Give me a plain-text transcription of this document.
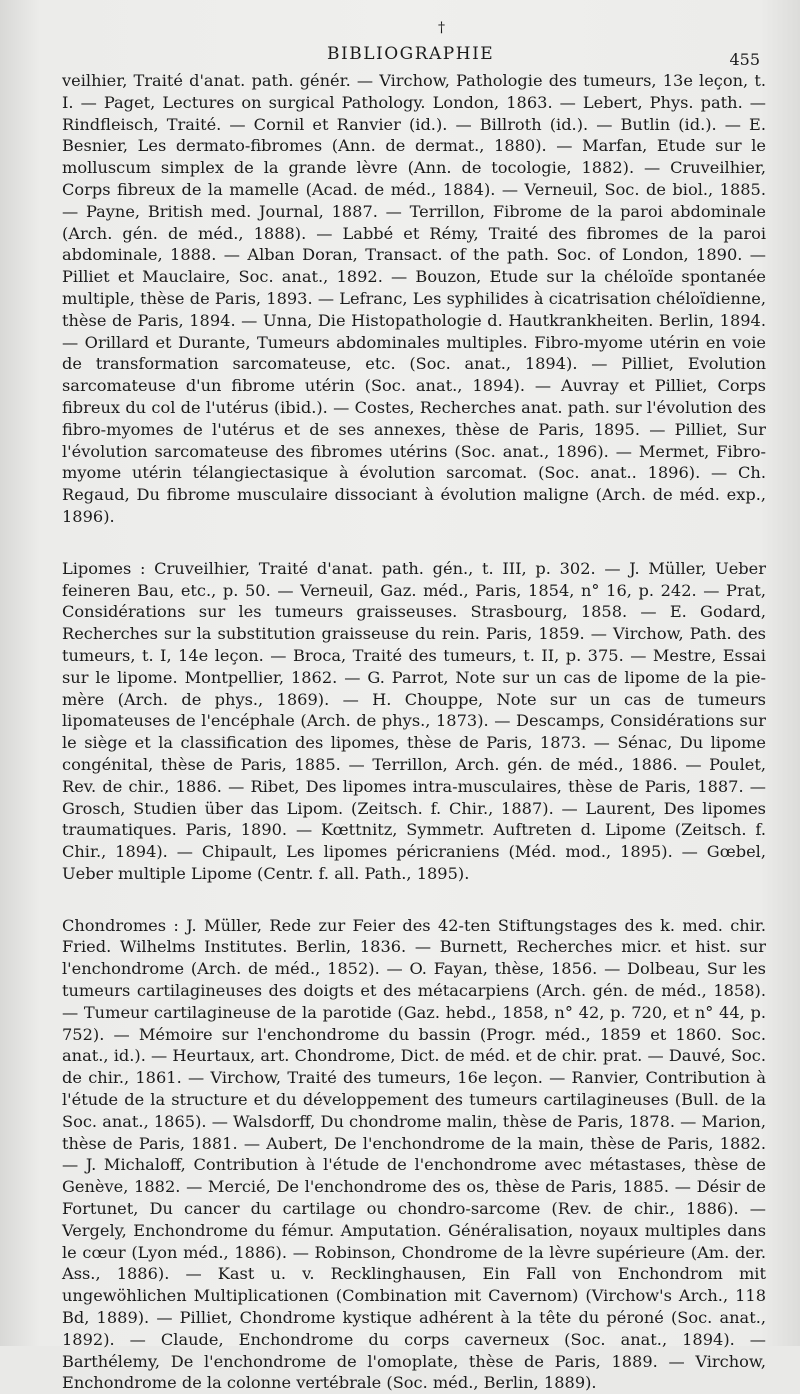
†
BIBLIOGRAPHIE	455

veilhier, Traité d'anat. path. génér. — Virchow, Pathologie des tumeurs, 13e leçon, t. I. — Paget, Lectures on surgical Pathology. London, 1863. — Lebert, Phys. path. — Rindfleisch, Traité. — Cornil et Ranvier (id.). — Billroth (id.). — Butlin (id.). — E. Besnier, Les dermato-fibromes (Ann. de dermat., 1880). — Marfan, Etude sur le molluscum simplex de la grande lèvre (Ann. de tocologie, 1882). — Cruveilhier, Corps fibreux de la mamelle (Acad. de méd., 1884). — Verneuil, Soc. de biol., 1885. — Payne, British med. Journal, 1887. — Terrillon, Fibrome de la paroi abdominale (Arch. gén. de méd., 1888). — Labbé et Rémy, Traité des fibromes de la paroi abdominale, 1888. — Alban Doran, Transact. of the path. Soc. of London, 1890. — Pilliet et Mauclaire, Soc. anat., 1892. — Bouzon, Etude sur la chéloïde spontanée multiple, thèse de Paris, 1893. — Lefranc, Les syphilides à cicatrisation chéloïdienne, thèse de Paris, 1894. — Unna, Die Histopathologie d. Hautkrankheiten. Berlin, 1894. — Orillard et Durante, Tumeurs abdominales multiples. Fibro-myome utérin en voie de transformation sarcomateuse, etc. (Soc. anat., 1894). — Pilliet, Evolution sarcomateuse d'un fibrome utérin (Soc. anat., 1894). — Auvray et Pilliet, Corps fibreux du col de l'utérus (ibid.). — Costes, Recherches anat. path. sur l'évolution des fibro-myomes de l'utérus et de ses annexes, thèse de Paris, 1895. — Pilliet, Sur l'évolution sarcomateuse des fibromes utérins (Soc. anat., 1896). — Mermet, Fibro-myome utérin télangiectasique à évolution sarcomat. (Soc. anat.. 1896). — Ch. Regaud, Du fibrome musculaire dissociant à évolution maligne (Arch. de méd. exp., 1896).

Lipomes : Cruveilhier, Traité d'anat. path. gén., t. III, p. 302. — J. Müller, Ueber feineren Bau, etc., p. 50. — Verneuil, Gaz. méd., Paris, 1854, n° 16, p. 242. — Prat, Considérations sur les tumeurs graisseuses. Strasbourg, 1858. — E. Godard, Recherches sur la substitution graisseuse du rein. Paris, 1859. — Virchow, Path. des tumeurs, t. I, 14e leçon. — Broca, Traité des tumeurs, t. II, p. 375. — Mestre, Essai sur le lipome. Montpellier, 1862. — G. Parrot, Note sur un cas de lipome de la pie-mère (Arch. de phys., 1869). — H. Chouppe, Note sur un cas de tumeurs lipomateuses de l'encéphale (Arch. de phys., 1873). — Descamps, Considérations sur le siège et la classification des lipomes, thèse de Paris, 1873. — Sénac, Du lipome congénital, thèse de Paris, 1885. — Terrillon, Arch. gén. de méd., 1886. — Poulet, Rev. de chir., 1886. — Ribet, Des lipomes intra-musculaires, thèse de Paris, 1887. — Grosch, Studien über das Lipom. (Zeitsch. f. Chir., 1887). — Laurent, Des lipomes traumatiques. Paris, 1890. — Kœttnitz, Symmetr. Auftreten d. Lipome (Zeitsch. f. Chir., 1894). — Chipault, Les lipomes péricraniens (Méd. mod., 1895). — Gœbel, Ueber multiple Lipome (Centr. f. all. Path., 1895).

Chondromes : J. Müller, Rede zur Feier des 42-ten Stiftungstages des k. med. chir. Fried. Wilhelms Institutes. Berlin, 1836. — Burnett, Recherches micr. et hist. sur l'enchondrome (Arch. de méd., 1852). — O. Fayan, thèse, 1856. — Dolbeau, Sur les tumeurs cartilagineuses des doigts et des métacarpiens (Arch. gén. de méd., 1858). — Tumeur cartilagineuse de la parotide (Gaz. hebd., 1858, n° 42, p. 720, et n° 44, p. 752). — Mémoire sur l'enchondrome du bassin (Progr. méd., 1859 et 1860. Soc. anat., id.). — Heurtaux, art. Chondrome, Dict. de méd. et de chir. prat. — Dauvé, Soc. de chir., 1861. — Virchow, Traité des tumeurs, 16e leçon. — Ranvier, Contribution à l'étude de la structure et du développement des tumeurs cartilagineuses (Bull. de la Soc. anat., 1865). — Walsdorff, Du chondrome malin, thèse de Paris, 1878. — Marion, thèse de Paris, 1881. — Aubert, De l'enchondrome de la main, thèse de Paris, 1882. — J. Michaloff, Contribution à l'étude de l'enchondrome avec métastases, thèse de Genève, 1882. — Mercié, De l'enchondrome des os, thèse de Paris, 1885. — Désir de Fortunet, Du cancer du cartilage ou chondro-sarcome (Rev. de chir., 1886). — Vergely, Enchondrome du fémur. Amputation. Généralisation, noyaux multiples dans le cœur (Lyon méd., 1886). — Robinson, Chondrome de la lèvre supérieure (Am. der. Ass., 1886). — Kast u. v. Recklinghausen, Ein Fall von Enchondrom mit ungewöhlichen Multiplicationen (Combination mit Cavernom) (Virchow's Arch., 118 Bd, 1889). — Pilliet, Chondrome kystique adhérent à la tête du péroné (Soc. anat., 1892). — Claude, Enchondrome du corps caverneux (Soc. anat., 1894). — Barthélemy, De l'enchondrome de l'omoplate, thèse de Paris, 1889. — Virchow, Enchondrome de la colonne vertébrale (Soc. méd., Berlin, 1889).
